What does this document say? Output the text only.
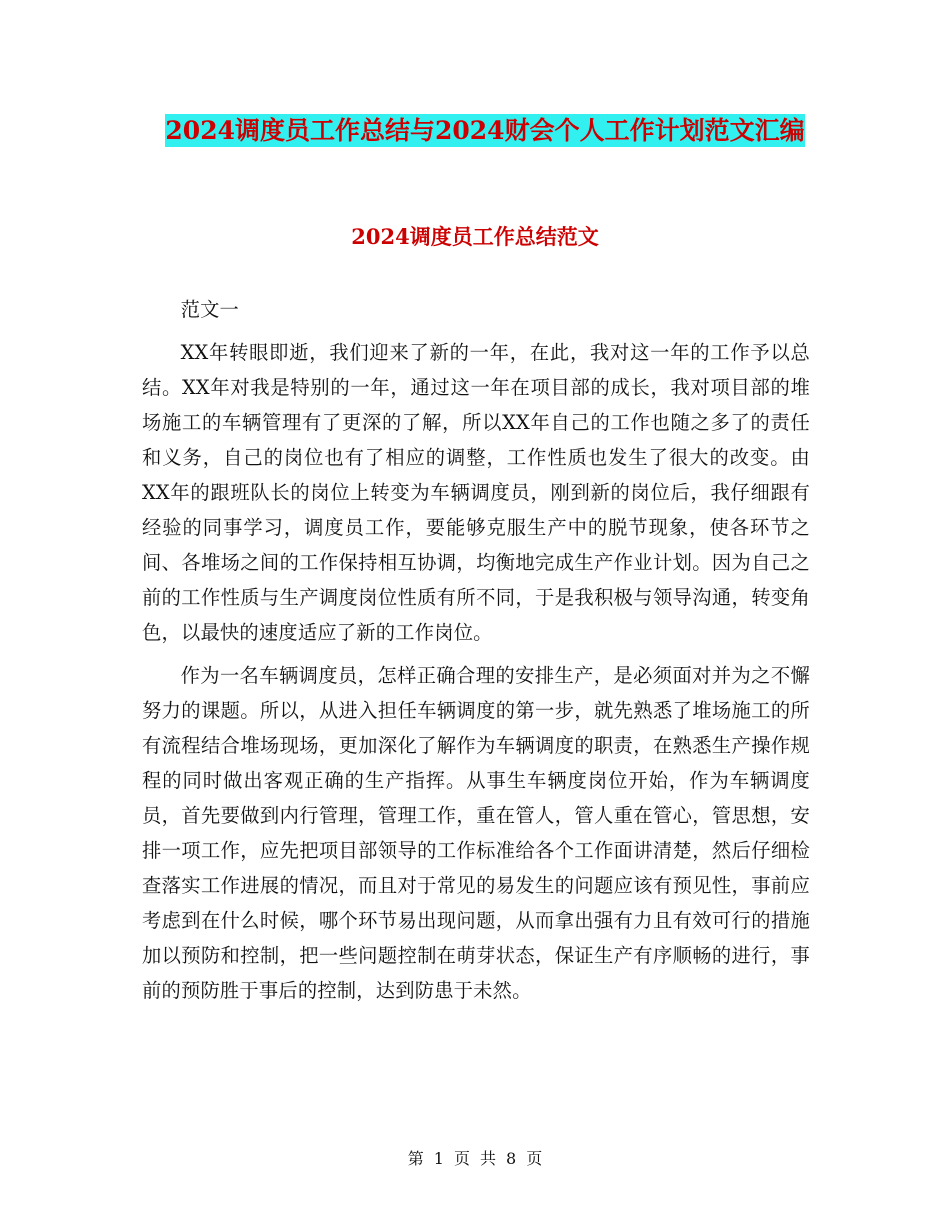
2024调度员工作总结与2024财会个人工作计划范文汇编
2024调度员工作总结范文

范文一

XX年转眼即逝，我们迎来了新的一年，在此，我对这一年的工作予以总结。XX年对我是特别的一年，通过这一年在项目部的成长，我对项目部的堆场施工的车辆管理有了更深的了解，所以XX年自己的工作也随之多了的责任和义务，自己的岗位也有了相应的调整，工作性质也发生了很大的改变。由XX年的跟班队长的岗位上转变为车辆调度员，刚到新的岗位后，我仔细跟有经验的同事学习，调度员工作，要能够克服生产中的脱节现象，使各环节之间、各堆场之间的工作保持相互协调，均衡地完成生产作业计划。因为自己之前的工作性质与生产调度岗位性质有所不同，于是我积极与领导沟通，转变角色，以最快的速度适应了新的工作岗位。

作为一名车辆调度员，怎样正确合理的安排生产，是必须面对并为之不懈努力的课题。所以，从进入担任车辆调度的第一步，就先熟悉了堆场施工的所有流程结合堆场现场，更加深化了解作为车辆调度的职责，在熟悉生产操作规程的同时做出客观正确的生产指挥。从事生车辆度岗位开始，作为车辆调度员，首先要做到内行管理，管理工作，重在管人，管人重在管心，管思想，安排一项工作，应先把项目部领导的工作标准给各个工作面讲清楚，然后仔细检查落实工作进展的情况，而且对于常见的易发生的问题应该有预见性，事前应考虑到在什么时候，哪个环节易出现问题，从而拿出强有力且有效可行的措施加以预防和控制，把一些问题控制在萌芽状态，保证生产有序顺畅的进行，事前的预防胜于事后的控制，达到防患于未然。

第 1 页 共 8 页
